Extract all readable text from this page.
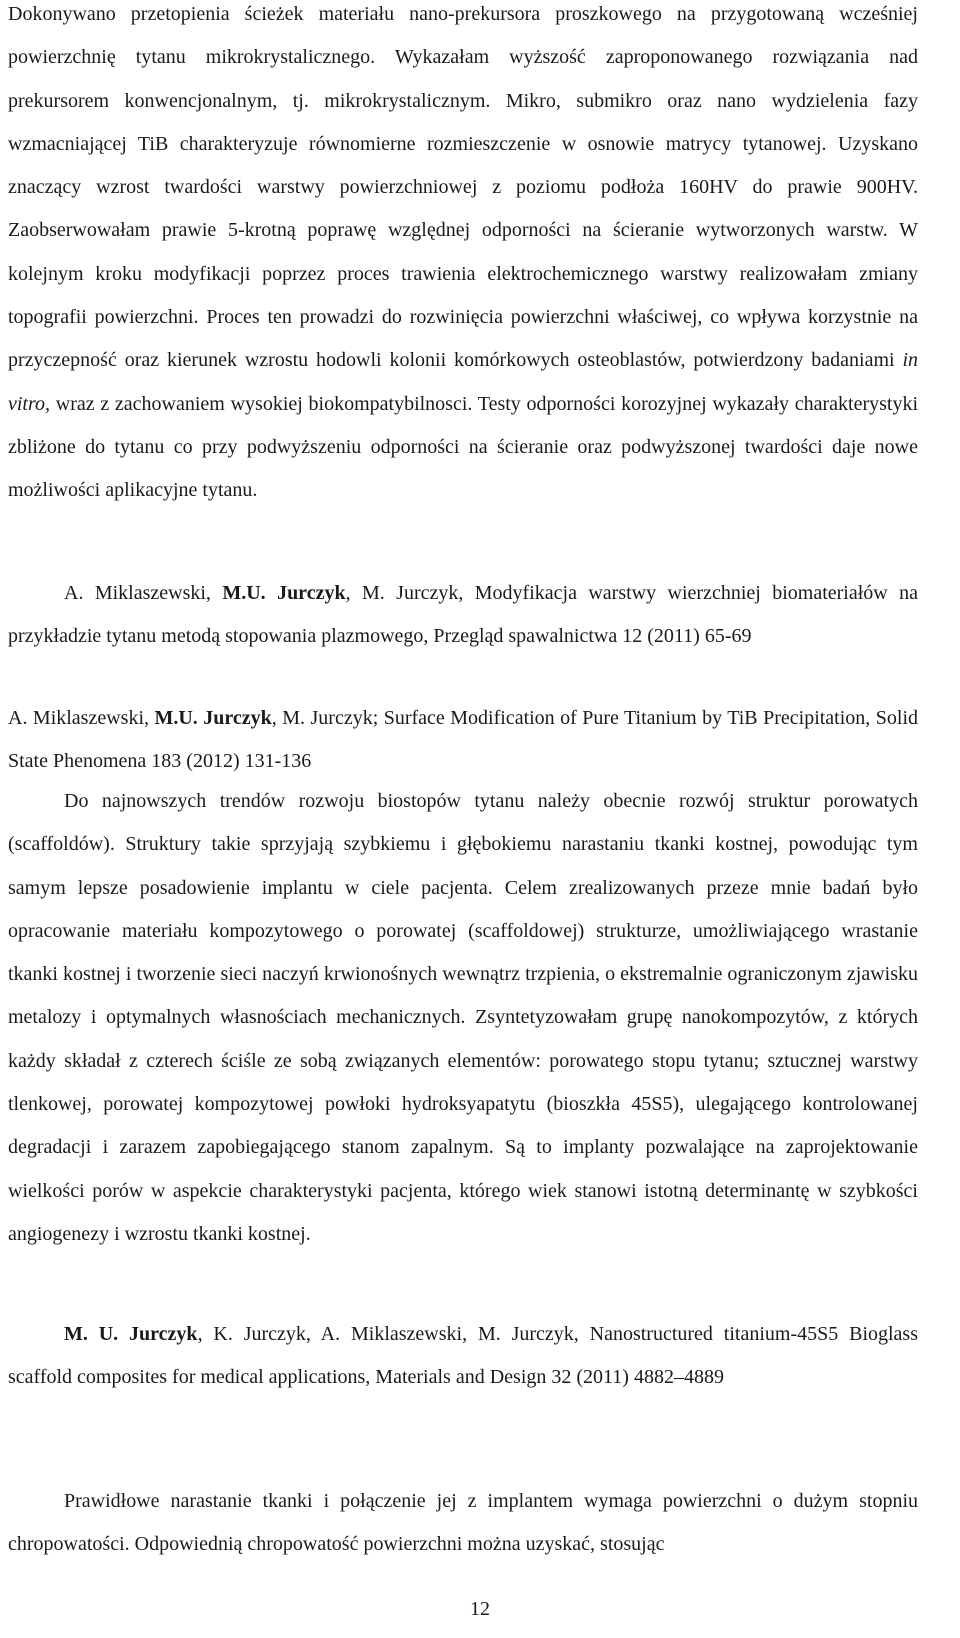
Dokonywano przetopienia ścieżek materiału nano-prekursora proszkowego na przygotowaną wcześniej powierzchnię tytanu mikrokrystalicznego. Wykazałam wyższość zaproponowanego rozwiązania nad prekursorem konwencjonalnym, tj. mikrokrystalicznym. Mikro, submikro oraz nano wydzielenia fazy wzmacniającej TiB charakteryzuje równomierne rozmieszczenie w osnowie matrycy tytanowej. Uzyskano znaczący wzrost twardości warstwy powierzchniowej z poziomu podłoża 160HV do prawie 900HV. Zaobserwowałam prawie 5-krotną poprawę względnej odporności na ścieranie wytworzonych warstw. W kolejnym kroku modyfikacji poprzez proces trawienia elektrochemicznego warstwy realizowałam zmiany topografii powierzchni. Proces ten prowadzi do rozwinięcia powierzchni właściwej, co wpływa korzystnie na przyczepność oraz kierunek wzrostu hodowli kolonii komórkowych osteoblastów, potwierdzony badaniami in vitro, wraz z zachowaniem wysokiej biokompatybilnosci. Testy odporności korozyjnej wykazały charakterystyki zbliżone do tytanu co przy podwyższeniu odporności na ścieranie oraz podwyższonej twardości daje nowe możliwości aplikacyjne tytanu.
A. Miklaszewski, M.U. Jurczyk, M. Jurczyk, Modyfikacja warstwy wierzchniej biomateriałów na przykładzie tytanu metodą stopowania plazmowego, Przegląd spawalnictwa 12 (2011) 65-69
A. Miklaszewski, M.U. Jurczyk, M. Jurczyk; Surface Modification of Pure Titanium by TiB Precipitation, Solid State Phenomena 183 (2012) 131-136
Do najnowszych trendów rozwoju biostopów tytanu należy obecnie rozwój struktur porowatych (scaffoldów). Struktury takie sprzyjają szybkiemu i głębokiemu narastaniu tkanki kostnej, powodując tym samym lepsze posadowienie implantu w ciele pacjenta. Celem zrealizowanych przeze mnie badań było opracowanie materiału kompozytowego o porowatej (scaffoldowej) strukturze, umożliwiającego wrastanie tkanki kostnej i tworzenie sieci naczyń krwionośnych wewnątrz trzpienia, o ekstremalnie ograniczonym zjawisku metalozy i optymalnych własnościach mechanicznych. Zsyntetyzowałam grupę nanokompozytów, z których każdy składał z czterech ściśle ze sobą związanych elementów: porowatego stopu tytanu; sztucznej warstwy tlenkowej, porowatej kompozytowej powłoki hydroksyapatytu (bioszkła 45S5), ulegającego kontrolowanej degradacji i zarazem zapobiegającego stanom zapalnym. Są to implanty pozwalające na zaprojektowanie wielkości porów w aspekcie charakterystyki pacjenta, którego wiek stanowi istotną determinantę w szybkości angiogenezy i wzrostu tkanki kostnej.
M. U. Jurczyk, K. Jurczyk, A. Miklaszewski, M. Jurczyk, Nanostructured titanium-45S5 Bioglass scaffold composites for medical applications, Materials and Design 32 (2011) 4882–4889
Prawidłowe narastanie tkanki i połączenie jej z implantem wymaga powierzchni o dużym stopniu chropowatości. Odpowiednią chropowatość powierzchni można uzyskać, stosując
12
